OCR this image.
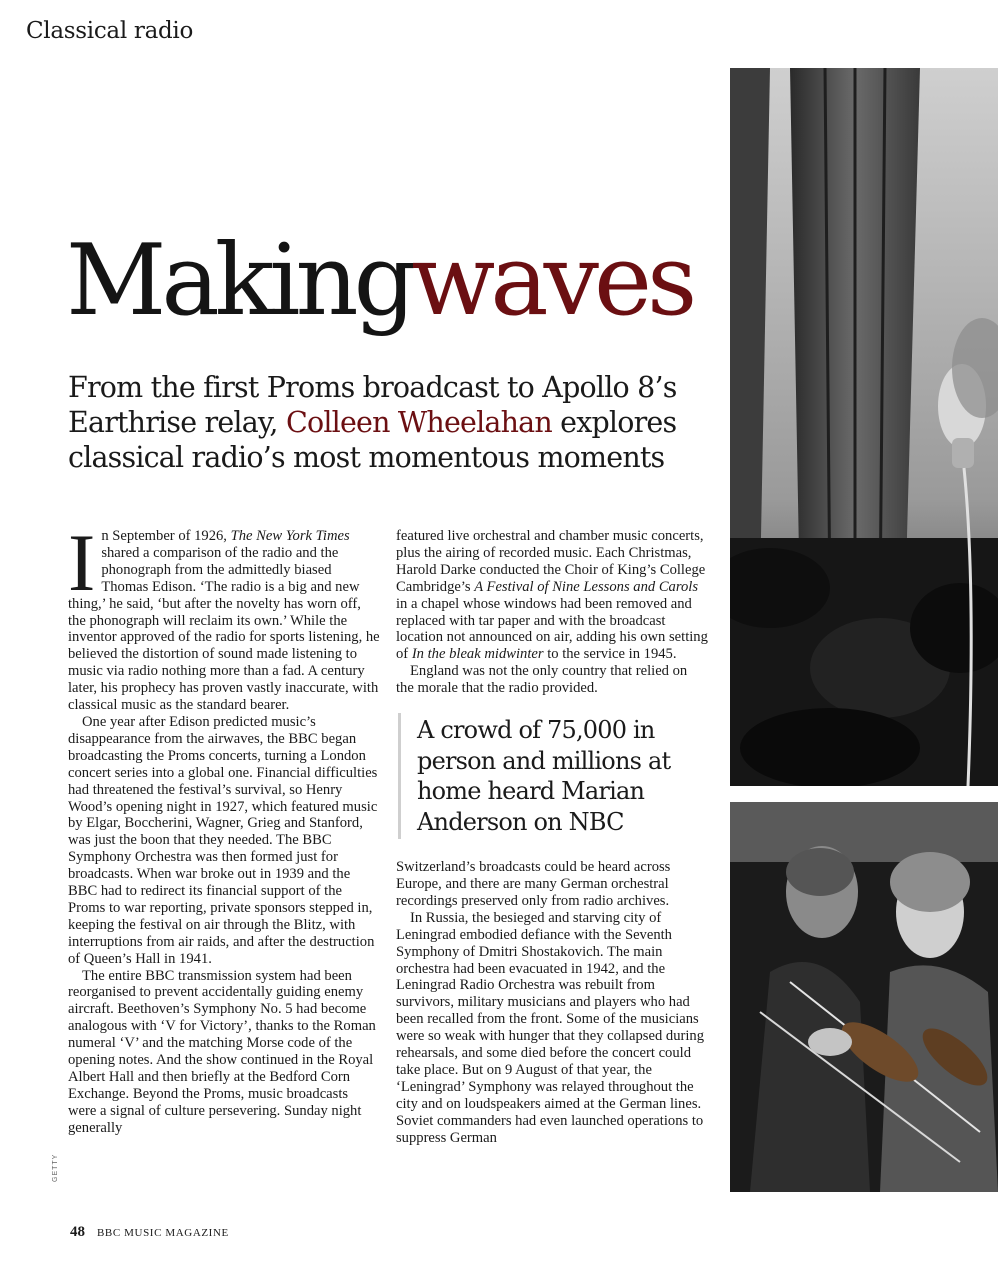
Classical radio
Makingwaves

From the first Proms broadcast to Apollo 8’s Earthrise relay, Colleen Wheelahan explores classical radio’s most momentous moments

In September of 1926, The New York Times shared a comparison of the radio and the phonograph from the admittedly biased Thomas Edison. ‘The radio is a big and new thing,’ he said, ‘but after the novelty has worn off, the phonograph will reclaim its own.’ While the inventor approved of the radio for sports listening, he believed the distortion of sound made listening to music via radio nothing more than a fad. A century later, his prophecy has proven vastly inaccurate, with classical music as the standard bearer.

One year after Edison predicted music’s disappearance from the airwaves, the BBC began broadcasting the Proms concerts, turning a London concert series into a global one. Financial difficulties had threatened the festival’s survival, so Henry Wood’s opening night in 1927, which featured music by Elgar, Boccherini, Wagner, Grieg and Stanford, was just the boon that they needed. The BBC Symphony Orchestra was then formed just for broadcasts. When war broke out in 1939 and the BBC had to redirect its financial support of the Proms to war reporting, private sponsors stepped in, keeping the festival on air through the Blitz, with interruptions from air raids, and after the destruction of Queen’s Hall in 1941.

The entire BBC transmission system had been reorganised to prevent accidentally guiding enemy aircraft. Beethoven’s Symphony No. 5 had become analogous with ‘V for Victory’, thanks to the Roman numeral ‘V’ and the matching Morse code of the opening notes. And the show continued in the Royal Albert Hall and then briefly at the Bedford Corn Exchange. Beyond the Proms, music broadcasts were a signal of culture persevering. Sunday night generally

featured live orchestral and chamber music concerts, plus the airing of recorded music. Each Christmas, Harold Darke conducted the Choir of King’s College Cambridge’s A Festival of Nine Lessons and Carols in a chapel whose windows had been removed and replaced with tar paper and with the broadcast location not announced on air, adding his own setting of In the bleak midwinter to the service in 1945.

England was not the only country that relied on the morale that the radio provided.

A crowd of 75,000 in person and millions at home heard Marian Anderson on NBC

Switzerland’s broadcasts could be heard across Europe, and there are many German orchestral recordings preserved only from radio archives.

In Russia, the besieged and starving city of Leningrad embodied defiance with the Seventh Symphony of Dmitri Shostakovich. The main orchestra had been evacuated in 1942, and the Leningrad Radio Orchestra was rebuilt from survivors, military musicians and players who had been recalled from the front. Some of the musicians were so weak with hunger that they collapsed during rehearsals, and some died before the concert could take place. But on 9 August of that year, the ‘Leningrad’ Symphony was relayed throughout the city and on loudspeakers aimed at the German lines. Soviet commanders had even launched operations to suppress German

GETTY
48 BBC MUSIC MAGAZINE
